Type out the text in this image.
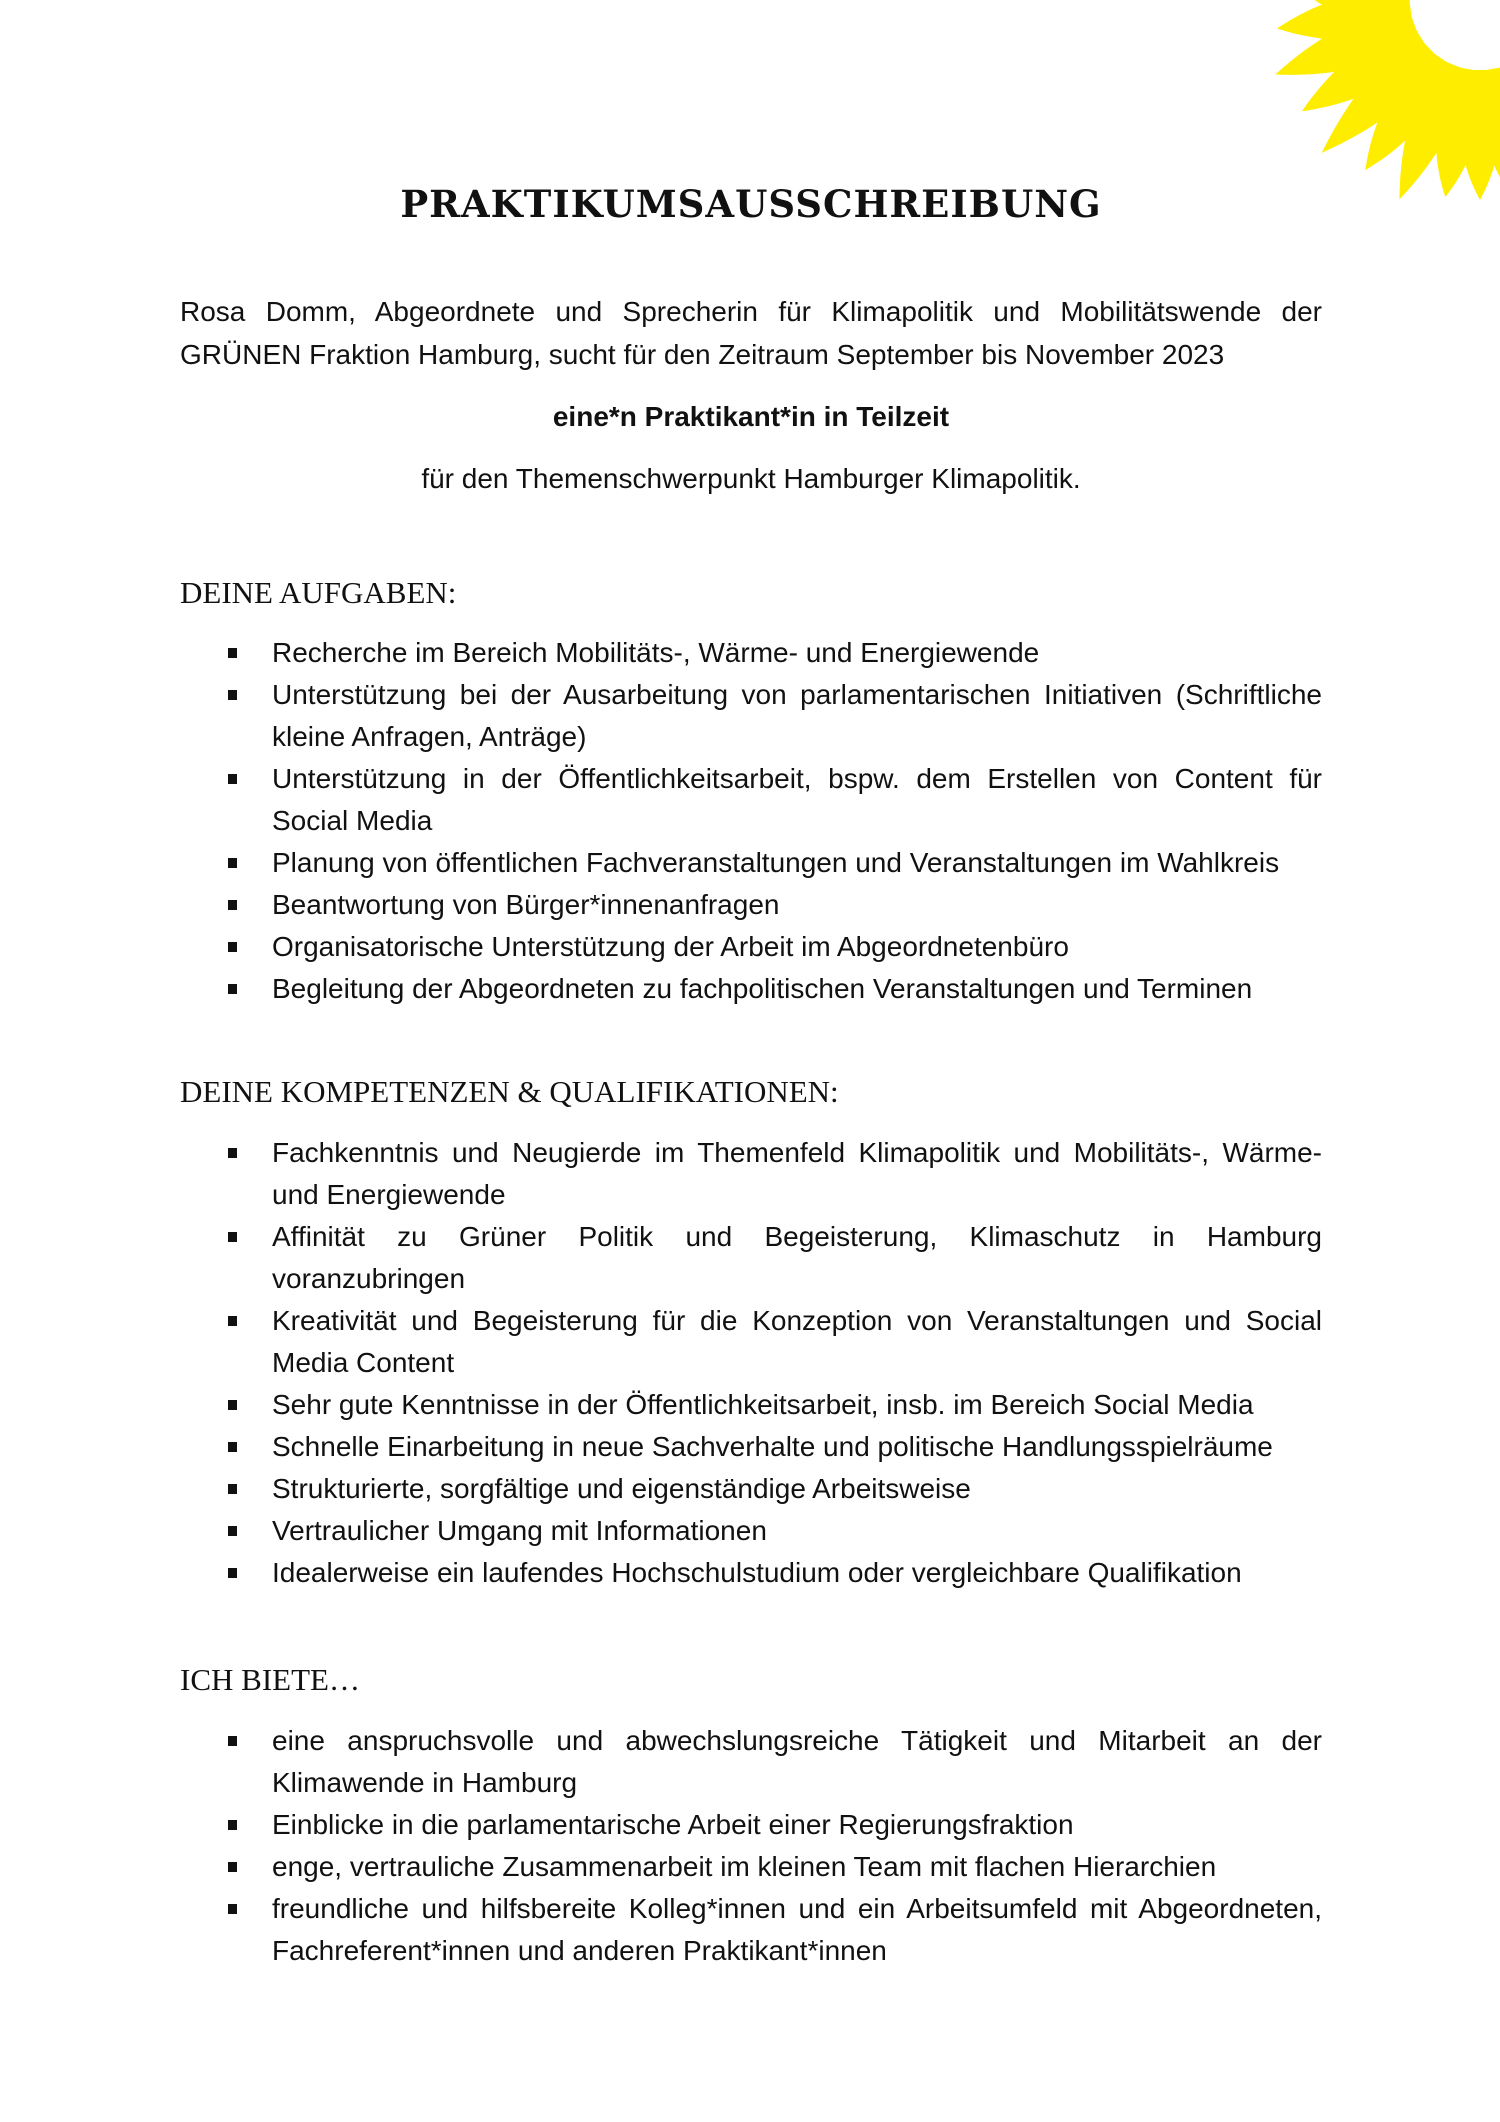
PRAKTIKUMSAUSSCHREIBUNG

Rosa Domm, Abgeordnete und Sprecherin für Klimapolitik und Mobilitätswende der GRÜNEN Fraktion Hamburg, sucht für den Zeitraum September bis November 2023

eine*n Praktikant*in in Teilzeit

für den Themenschwerpunkt Hamburger Klimapolitik.

DEINE AUFGABEN:
Recherche im Bereich Mobilitäts-, Wärme- und Energiewende
Unterstützung bei der Ausarbeitung von parlamentarischen Initiativen (Schriftliche kleine Anfragen, Anträge)
Unterstützung in der Öffentlichkeitsarbeit, bspw. dem Erstellen von Content für Social Media
Planung von öffentlichen Fachveranstaltungen und Veranstaltungen im Wahlkreis
Beantwortung von Bürger*innenanfragen
Organisatorische Unterstützung der Arbeit im Abgeordnetenbüro
Begleitung der Abgeordneten zu fachpolitischen Veranstaltungen und Terminen
DEINE KOMPETENZEN & QUALIFIKATIONEN:
Fachkenntnis und Neugierde im Themenfeld Klimapolitik und Mobilitäts-, Wärme- und Energiewende
Affinität zu Grüner Politik und Begeisterung, Klimaschutz in Hamburg voranzubringen
Kreativität und Begeisterung für die Konzeption von Veranstaltungen und Social Media Content
Sehr gute Kenntnisse in der Öffentlichkeitsarbeit, insb. im Bereich Social Media
Schnelle Einarbeitung in neue Sachverhalte und politische Handlungsspielräume
Strukturierte, sorgfältige und eigenständige Arbeitsweise
Vertraulicher Umgang mit Informationen
Idealerweise ein laufendes Hochschulstudium oder vergleichbare Qualifikation
ICH BIETE…
eine anspruchsvolle und abwechslungsreiche Tätigkeit und Mitarbeit an der Klimawende in Hamburg
Einblicke in die parlamentarische Arbeit einer Regierungsfraktion
enge, vertrauliche Zusammenarbeit im kleinen Team mit flachen Hierarchien
freundliche und hilfsbereite Kolleg*innen und ein Arbeitsumfeld mit Abgeordneten, Fachreferent*innen und anderen Praktikant*innen
